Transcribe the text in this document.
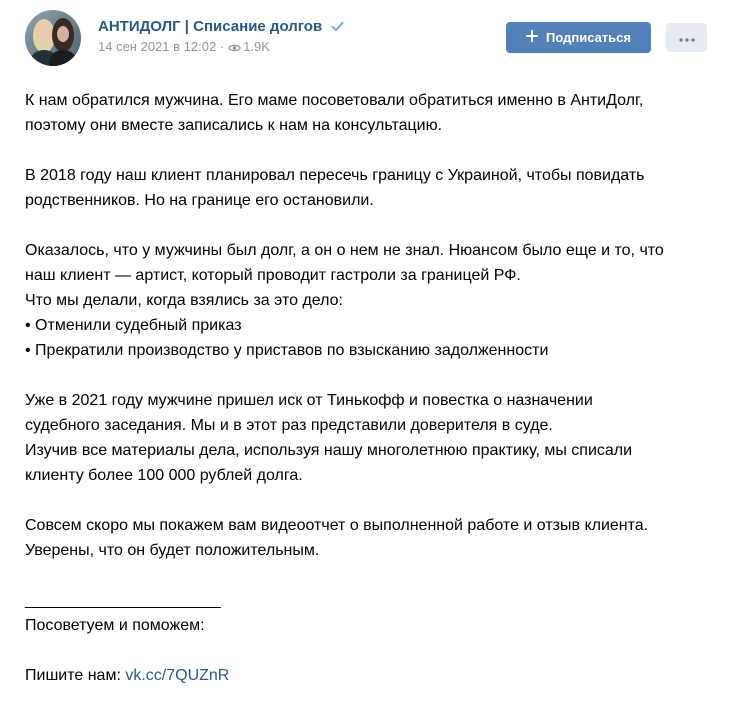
АНТИДОЛГ | Списание долгов
14 сен 2021 в 12:02 · 1.9K
Подписаться

К нам обратился мужчина. Его маме посоветовали обратиться именно в АнтиДолг,
поэтому они вместе записались к нам на консультацию.

В 2018 году наш клиент планировал пересечь границу с Украиной, чтобы повидать
родственников. Но на границе его остановили.

Оказалось, что у мужчины был долг, а он о нем не знал. Нюансом было еще и то, что
наш клиент — артист, который проводит гастроли за границей РФ.
Что мы делали, когда взялись за это дело:
• Отменили судебный приказ
• Прекратили производство у приставов по взысканию задолженности

Уже в 2021 году мужчине пришел иск от Тинькофф и повестка о назначении
судебного заседания. Мы и в этот раз представили доверителя в суде.
Изучив все материалы дела, используя нашу многолетнюю практику, мы списали
клиенту более 100 000 рублей долга.

Совсем скоро мы покажем вам видеоотчет о выполненной работе и отзыв клиента.
Уверены, что он будет положительным.

______________________
Посоветуем и поможем:

Пишите нам: vk.cc/7QUZnR
